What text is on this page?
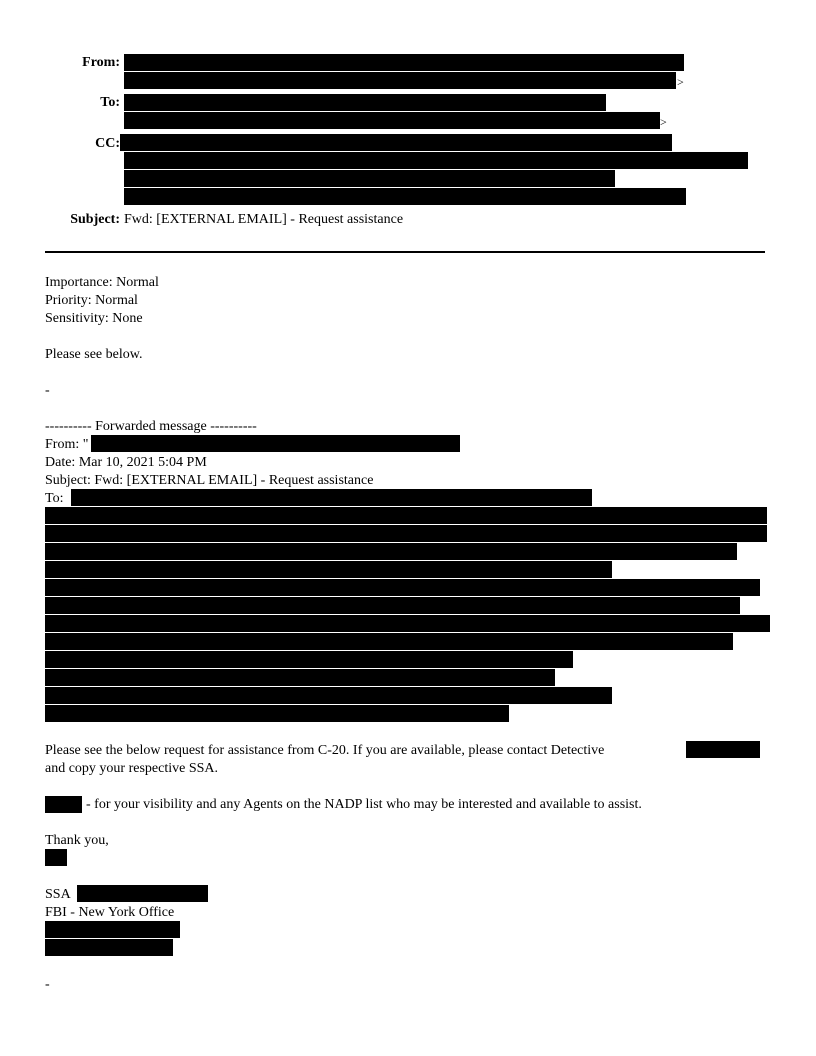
From:
>
To:
>
CC:
Subject: Fwd: [EXTERNAL EMAIL] - Request assistance
Importance: Normal
Priority: Normal
Sensitivity: None
Please see below.
-
---------- Forwarded message ----------
From: "
Date: Mar 10, 2021 5:04 PM
Subject: Fwd: [EXTERNAL EMAIL] - Request assistance
To:
Please see the below request for assistance from C-20. If you are available, please contact Detective
and copy your respective SSA.
- for your visibility and any Agents on the NADP list who may be interested and available to assist.
Thank you,
SSA
FBI - New York Office
-
